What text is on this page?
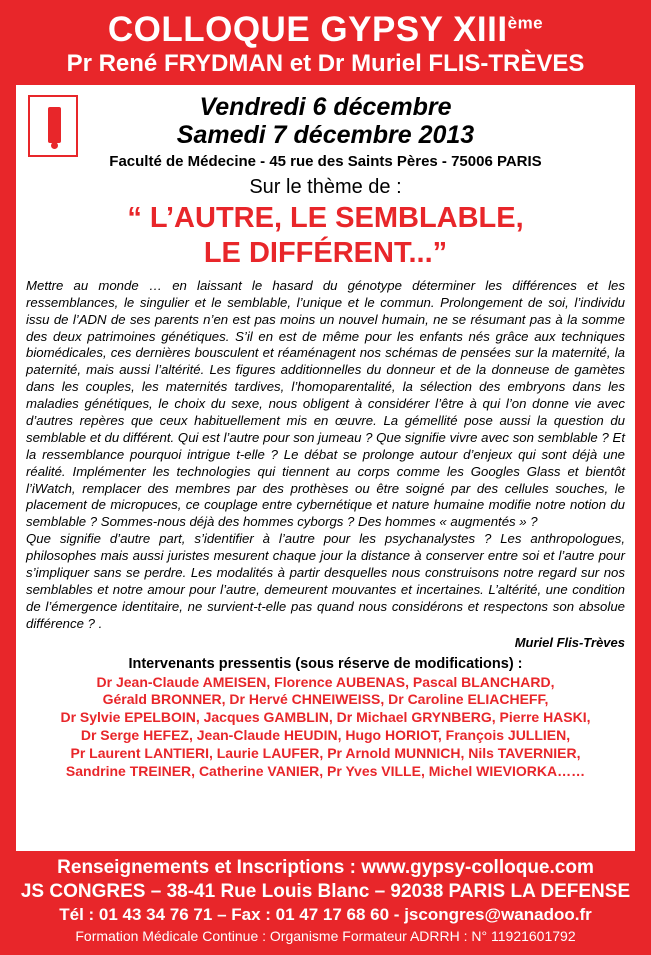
COLLOQUE GYPSY XIIIème
Pr René FRYDMAN et Dr Muriel FLIS-TRÈVES
Vendredi 6 décembre
Samedi 7 décembre 2013
Faculté de Médecine - 45 rue des Saints Pères - 75006 PARIS
Sur le thème de :
“ L’AUTRE, LE SEMBLABLE,
LE DIFFÉRENT...”

Mettre au monde … en laissant le hasard du génotype déterminer les différences et les ressemblances, le singulier et le semblable, l’unique et le commun. Prolongement de soi, l’individu issu de l’ADN de ses parents n’en est pas moins un nouvel humain, ne se résumant pas à la somme des deux patrimoines génétiques. S’il en est de même pour les enfants nés grâce aux techniques biomédicales, ces dernières bousculent et réaménagent nos schémas de pensées sur la maternité, la paternité, mais aussi l’altérité. Les figures additionnelles du donneur et de la donneuse de gamètes dans les couples, les maternités tardives, l’homoparentalité, la sélection des embryons dans les maladies génétiques, le choix du sexe, nous obligent à considérer l’être à qui l’on donne vie avec d’autres repères que ceux habituellement mis en œuvre. La gémellité pose aussi la question du semblable et du différent. Qui est l’autre pour son jumeau ? Que signifie vivre avec son semblable ? Et la ressemblance pourquoi intrigue t-elle ? Le débat se prolonge autour d’enjeux qui sont déjà une réalité. Implémenter les technologies qui tiennent au corps comme les Googles Glass et bientôt l’iWatch, remplacer des membres par des prothèses ou être soigné par des cellules souches, le placement de micropuces, ce couplage entre cybernétique et nature humaine modifie notre notion du semblable ? Sommes-nous déjà des hommes cyborgs ? Des hommes « augmentés » ?

Que signifie d’autre part, s’identifier à l’autre pour les psychanalystes ? Les anthropologues, philosophes mais aussi juristes mesurent chaque jour la distance à conserver entre soi et l’autre pour s’impliquer sans se perdre. Les modalités à partir desquelles nous construisons notre regard sur nos semblables et notre amour pour l’autre, demeurent mouvantes et incertaines. L’altérité, une condition de l’émergence identitaire, ne survient-t-elle pas quand nous considérons et respectons son absolue différence ? .

Muriel Flis-Trèves
Intervenants pressentis (sous réserve de modifications) :
Dr Jean-Claude AMEISEN, Florence AUBENAS, Pascal BLANCHARD,
Gérald BRONNER, Dr Hervé CHNEIWEISS, Dr Caroline ELIACHEFF,
Dr Sylvie EPELBOIN, Jacques GAMBLIN, Dr Michael GRYNBERG, Pierre HASKI,
Dr Serge HEFEZ, Jean-Claude HEUDIN, Hugo HORIOT, François JULLIEN,
Pr Laurent LANTIERI, Laurie LAUFER, Pr Arnold MUNNICH, Nils TAVERNIER,
Sandrine TREINER, Catherine VANIER, Pr Yves VILLE, Michel WIEVIORKA……
Renseignements et Inscriptions : www.gypsy-colloque.com
JS CONGRES – 38-41 Rue Louis Blanc – 92038 PARIS LA DEFENSE
Tél : 01 43 34 76 71 – Fax : 01 47 17 68 60 - jscongres@wanadoo.fr
Formation Médicale Continue : Organisme Formateur ADRRH : N° 11921601792
